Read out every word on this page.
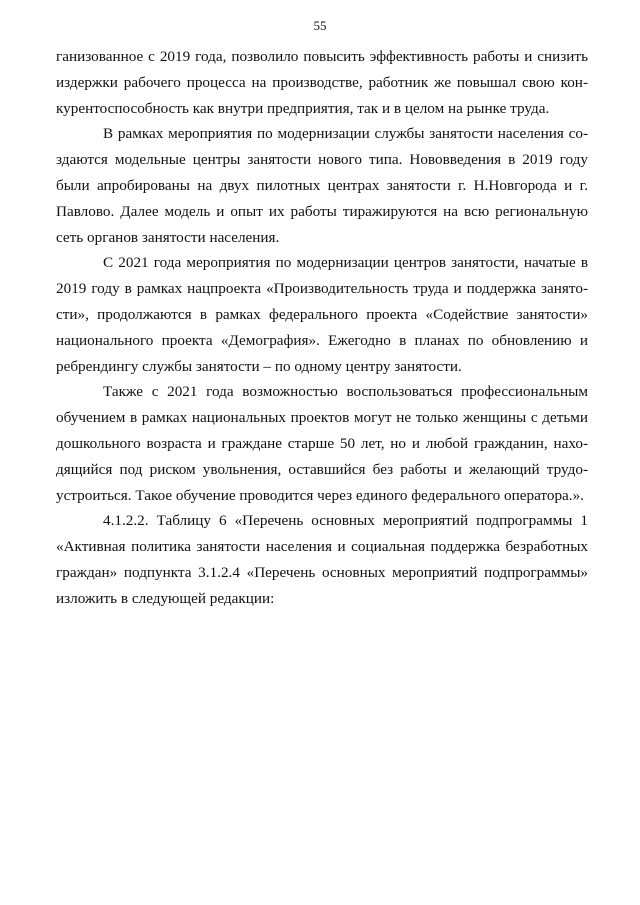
55

ганизованное с 2019 года, позволило повысить эффективность работы и снизить издержки рабочего процесса на производстве, работник же повышал свою конкурентоспособность как внутри предприятия, так и в целом на рынке труда.

В рамках мероприятия по модернизации службы занятости населения создаются модельные центры занятости нового типа. Нововведения в 2019 году были апробированы на двух пилотных центрах занятости г. Н.Новгорода и г. Павлово. Далее модель и опыт их работы тиражируются на всю региональную сеть органов занятости населения.

С 2021 года мероприятия по модернизации центров занятости, начатые в 2019 году в рамках нацпроекта «Производительность труда и поддержка занятости», продолжаются в рамках федерального проекта «Содействие занятости» национального проекта «Демография». Ежегодно в планах по обновлению и ребрендингу службы занятости – по одному центру занятости.

Также с 2021 года возможностью воспользоваться профессиональным обучением в рамках национальных проектов могут не только женщины с детьми дошкольного возраста и граждане старше 50 лет, но и любой гражданин, находящийся под риском увольнения, оставшийся без работы и желающий трудоустроиться. Такое обучение проводится через единого федерального оператора.».

4.1.2.2. Таблицу 6 «Перечень основных мероприятий подпрограммы 1 «Активная политика занятости населения и социальная поддержка безработных граждан» подпункта 3.1.2.4 «Перечень основных мероприятий подпрограммы» изложить в следующей редакции:
